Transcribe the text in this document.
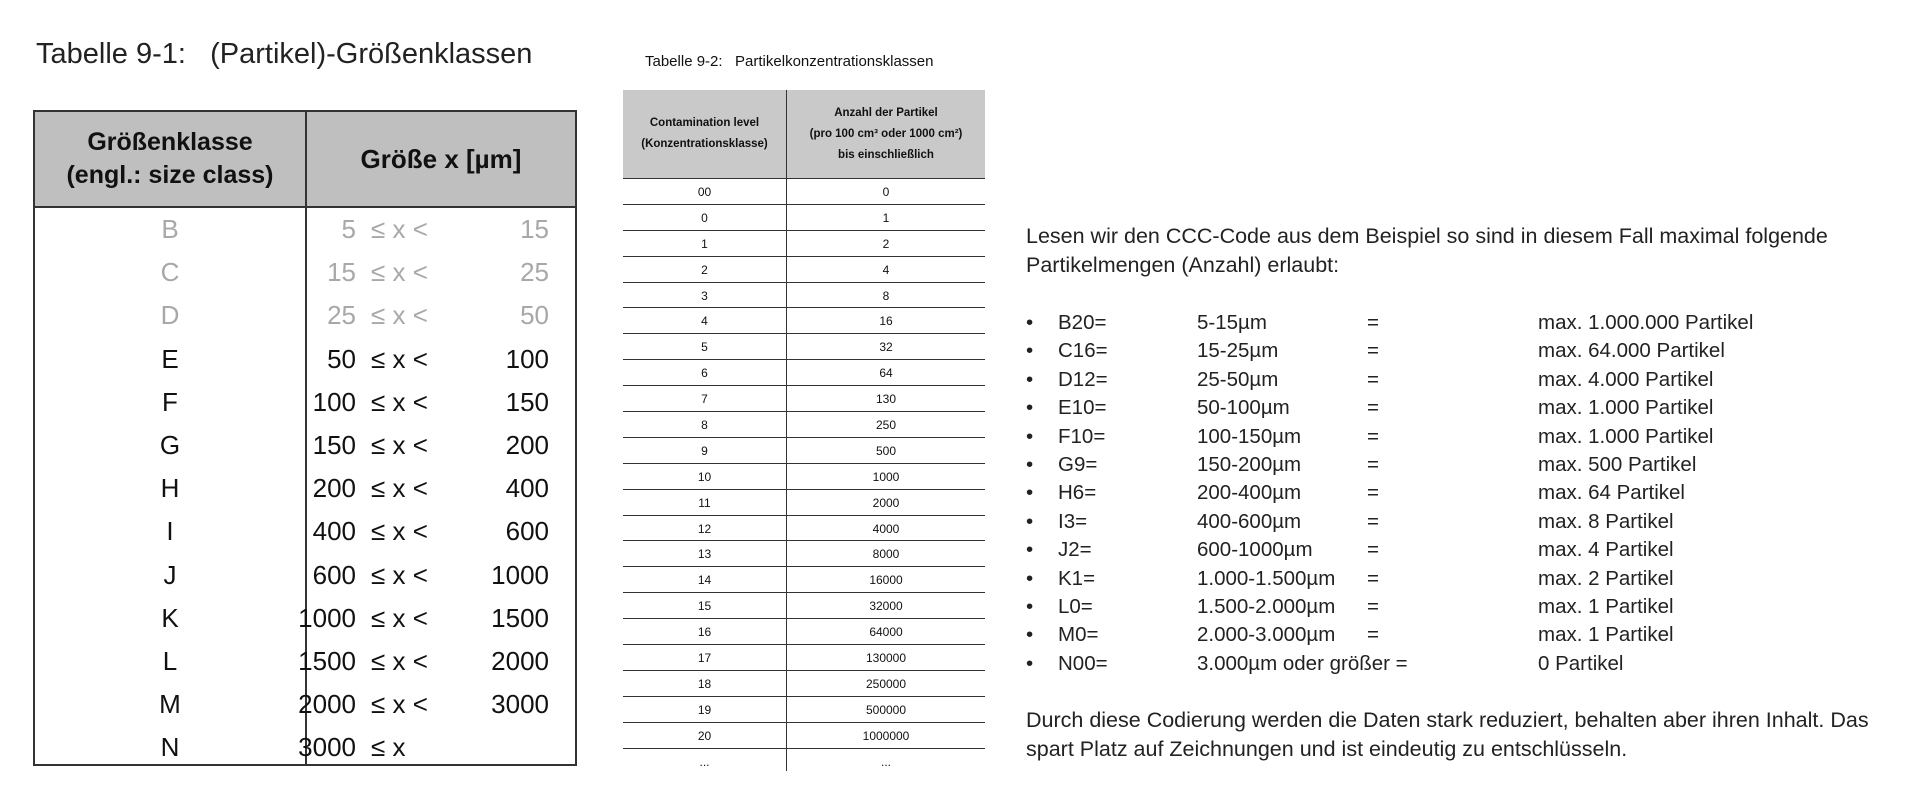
Tabelle 9-1:   (Partikel)-Größenklassen
Größenklasse
(engl.: size class)
Größe x [µm]
B	5 ≤ x <	15
C	15 ≤ x <	25
D	25 ≤ x <	50
E	50 ≤ x <	100
F	100 ≤ x <	150
G	150 ≤ x <	200
H	200 ≤ x <	400
I	400 ≤ x <	600
J	600 ≤ x < 1000
K	1000 ≤ x < 1500
L	1500 ≤ x < 2000
M	2000 ≤ x < 3000
N	3000 ≤ x
Tabelle 9-2:   Partikelkonzentrationsklassen
Contamination level
(Konzentrationsklasse)
Anzahl der Partikel
(pro 100 cm³ oder 1000 cm²)
bis einschließlich
00	0
0	1
1	2
2	4
3	8
4	16
5	32
6	64
7	130
8	250
9	500
10	1000
11	2000
12	4000
13	8000
14	16000
15	32000
16	64000
17	130000
18	250000
19	500000
20	1000000
...	...
Lesen wir den CCC-Code aus dem Beispiel so sind in diesem Fall maximal folgende Partikelmengen (Anzahl) erlaubt:
• B20=	5-15µm	=	max. 1.000.000 Partikel
• C16=	15-25µm	=	max. 64.000 Partikel
• D12=	25-50µm	=	max. 4.000 Partikel
• E10=	50-100µm	=	max. 1.000 Partikel
• F10=	100-150µm	=	max. 1.000 Partikel
• G9=	150-200µm	=	max. 500 Partikel
• H6=	200-400µm	=	max. 64 Partikel
• I3=	400-600µm	=	max. 8 Partikel
• J2=	600-1000µm	=	max. 4 Partikel
• K1=	1.000-1.500µm =	max. 2 Partikel
• L0=	1.500-2.000µm =	max. 1 Partikel
• M0=	2.000-3.000µm =	max. 1 Partikel
• N00=	3.000µm oder größer =	0 Partikel
Durch diese Codierung werden die Daten stark reduziert, behalten aber ihren Inhalt. Das spart Platz auf Zeichnungen und ist eindeutig zu entschlüsseln.
